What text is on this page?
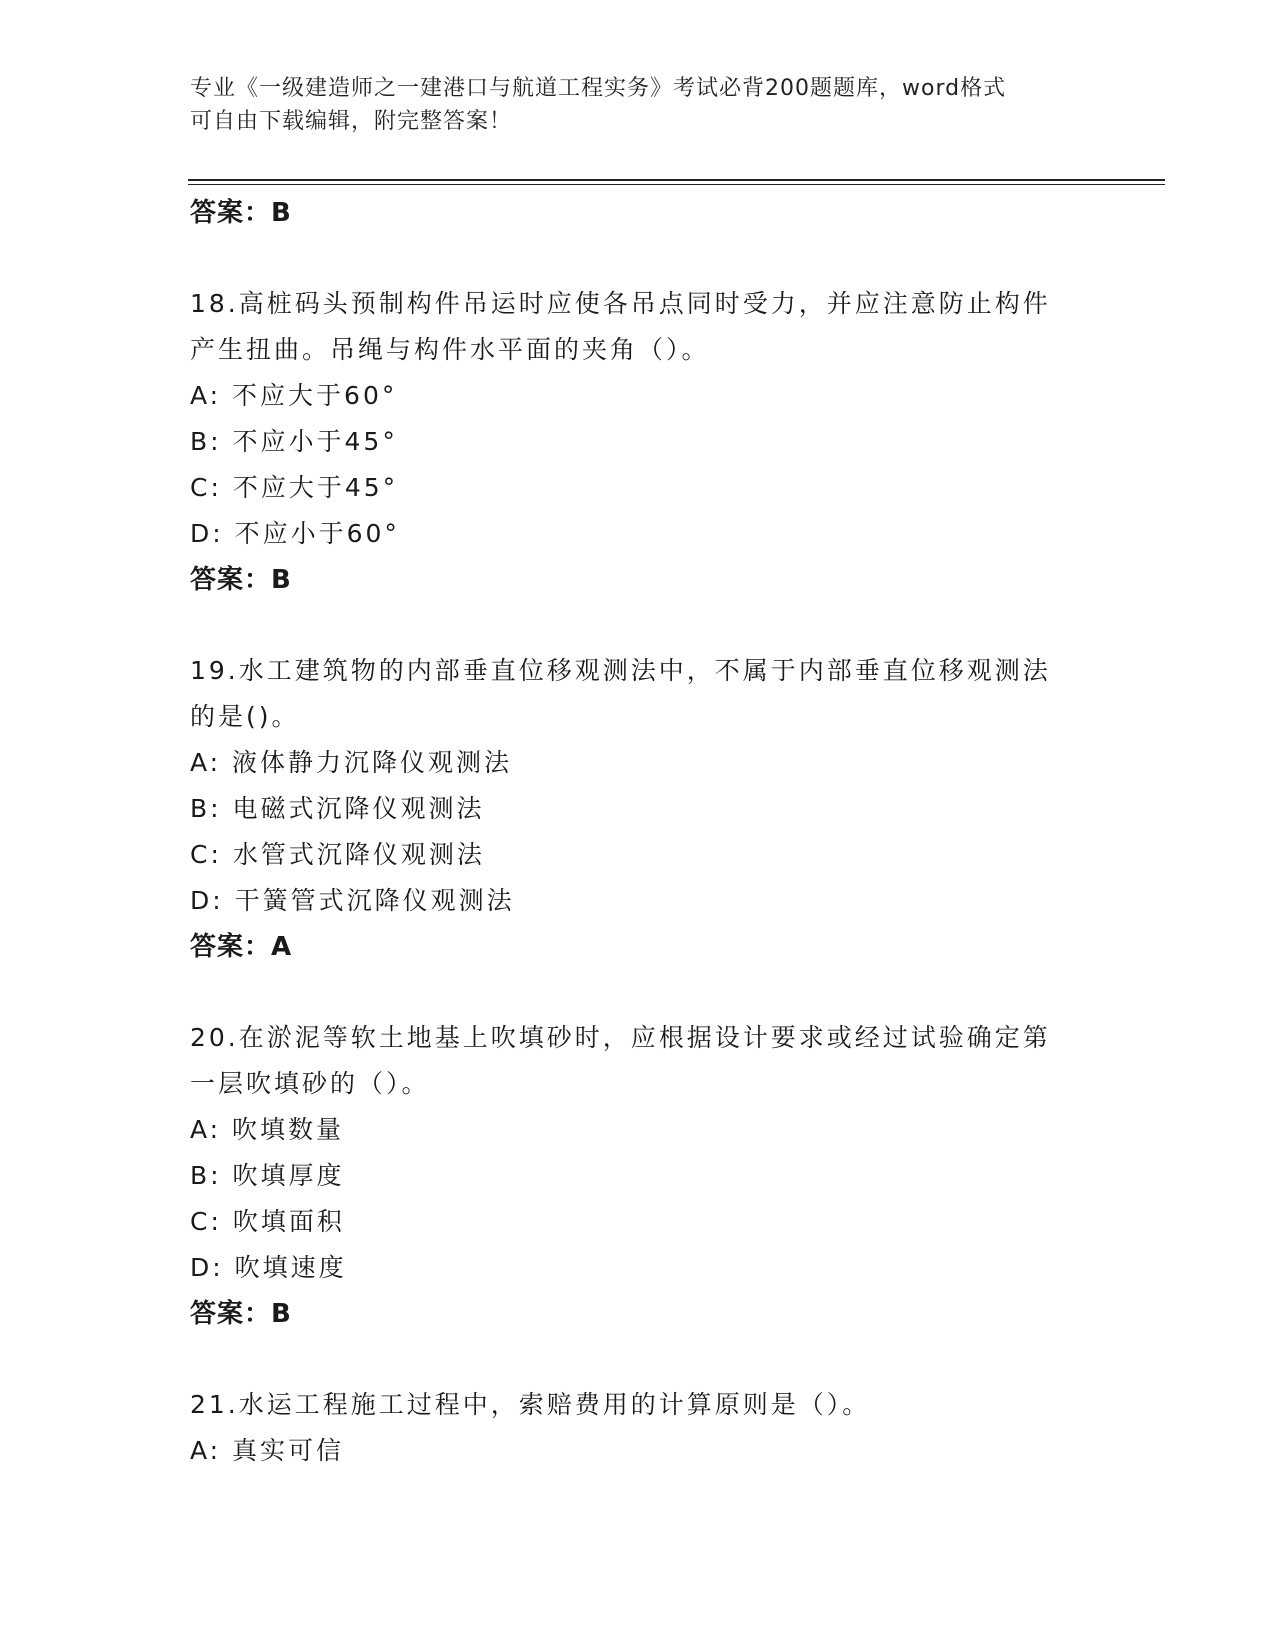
专业《一级建造师之一建港口与航道工程实务》考试必背200题题库，word格式
可自由下载编辑，附完整答案！

答案：B

18.高桩码头预制构件吊运时应使各吊点同时受力，并应注意防止构件

产生扭曲。吊绳与构件水平面的夹角（）。

A: 不应大于60°

B: 不应小于45°

C: 不应大于45°

D: 不应小于60°

答案：B

19.水工建筑物的内部垂直位移观测法中，不属于内部垂直位移观测法

的是()。

A: 液体静力沉降仪观测法

B: 电磁式沉降仪观测法

C: 水管式沉降仪观测法

D: 干簧管式沉降仪观测法

答案：A

20.在淤泥等软土地基上吹填砂时，应根据设计要求或经过试验确定第

一层吹填砂的（）。

A: 吹填数量

B: 吹填厚度

C: 吹填面积

D: 吹填速度

答案：B

21.水运工程施工过程中，索赔费用的计算原则是（）。

A: 真实可信
